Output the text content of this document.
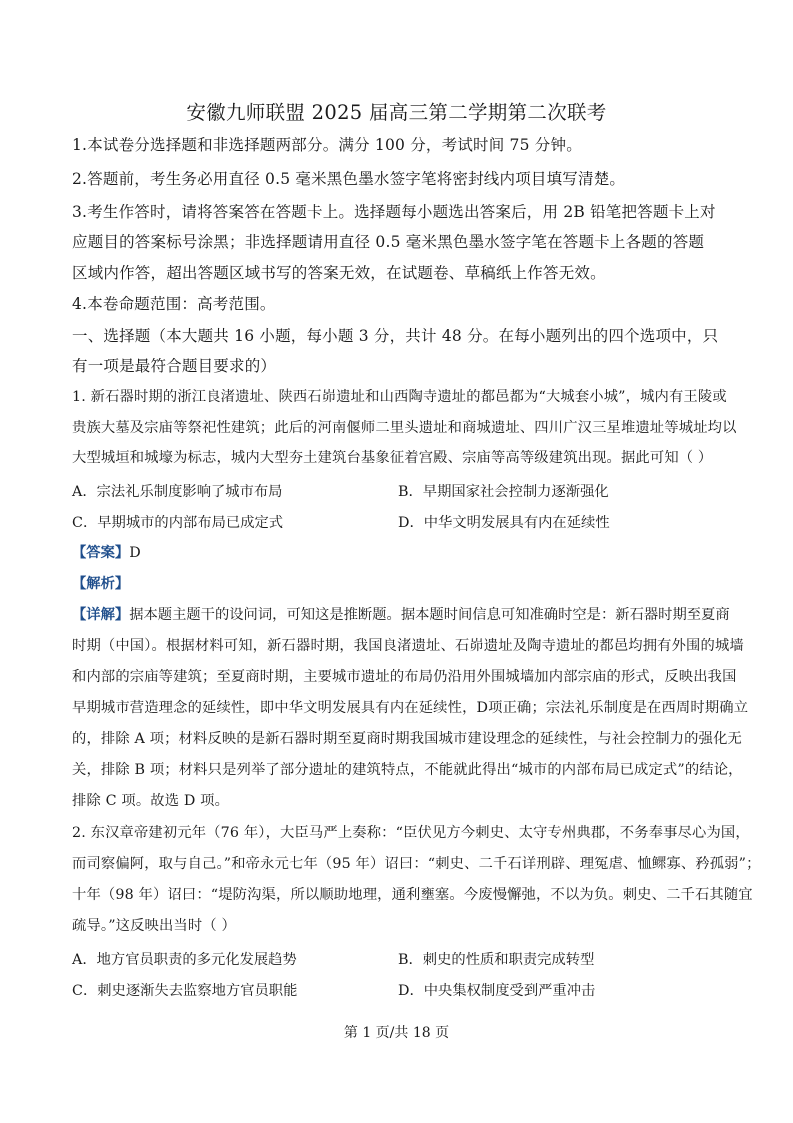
安徽九师联盟 2025 届高三第二学期第二次联考
1.本试卷分选择题和非选择题两部分。满分 100 分，考试时间 75 分钟。
2.答题前，考生务必用直径 0.5 毫米黑色墨水签字笔将密封线内项目填写清楚。
3.考生作答时，请将答案答在答题卡上。选择题每小题选出答案后，用 2B 铅笔把答题卡上对
应题目的答案标号涂黑；非选择题请用直径 0.5 毫米黑色墨水签字笔在答题卡上各题的答题
区域内作答，超出答题区域书写的答案无效，在试题卷、草稿纸上作答无效。
4.本卷命题范围：高考范围。
一、选择题（本大题共 16 小题，每小题 3 分，共计 48 分。在每小题列出的四个选项中，只
有一项是最符合题目要求的）
1. 新石器时期的浙江良渚遗址、陕西石峁遗址和山西陶寺遗址的都邑都为“大城套小城”，城内有王陵或
贵族大墓及宗庙等祭祀性建筑；此后的河南偃师二里头遗址和商城遗址、四川广汉三星堆遗址等城址均以
大型城垣和城壕为标志，城内大型夯土建筑台基象征着宫殿、宗庙等高等级建筑出现。据此可知（ ）
A．宗法礼乐制度影响了城市布局	B．早期国家社会控制力逐渐强化
C．早期城市的内部布局已成定式	D．中华文明发展具有内在延续性
【答案】D
【解析】
【详解】据本题主题干的设问词，可知这是推断题。据本题时间信息可知准确时空是：新石器时期至夏商
时期（中国）。根据材料可知，新石器时期，我国良渚遗址、石峁遗址及陶寺遗址的都邑均拥有外围的城墙
和内部的宗庙等建筑；至夏商时期，主要城市遗址的布局仍沿用外围城墙加内部宗庙的形式，反映出我国
早期城市营造理念的延续性，即中华文明发展具有内在延续性，D项正确；宗法礼乐制度是在西周时期确立
的，排除 A 项；材料反映的是新石器时期至夏商时期我国城市建设理念的延续性，与社会控制力的强化无
关，排除 B 项；材料只是列举了部分遗址的建筑特点，不能就此得出“城市的内部布局已成定式”的结论，
排除 C 项。故选 D 项。
2. 东汉章帝建初元年（76 年），大臣马严上奏称：“臣伏见方今刺史、太守专州典郡，不务奉事尽心为国，
而司察偏阿，取与自己。”和帝永元七年（95 年）诏曰：“刺史、二千石详刑辟、理冤虐、恤鳏寡、矜孤弱”；
十年（98 年）诏曰：“堤防沟渠，所以顺助地理，通利壅塞。今废慢懈弛，不以为负。刺史、二千石其随宜
疏导。”这反映出当时（ ）
A．地方官员职责的多元化发展趋势	B．刺史的性质和职责完成转型
C．刺史逐渐失去监察地方官员职能	D．中央集权制度受到严重冲击
第 1 页/共 18 页
